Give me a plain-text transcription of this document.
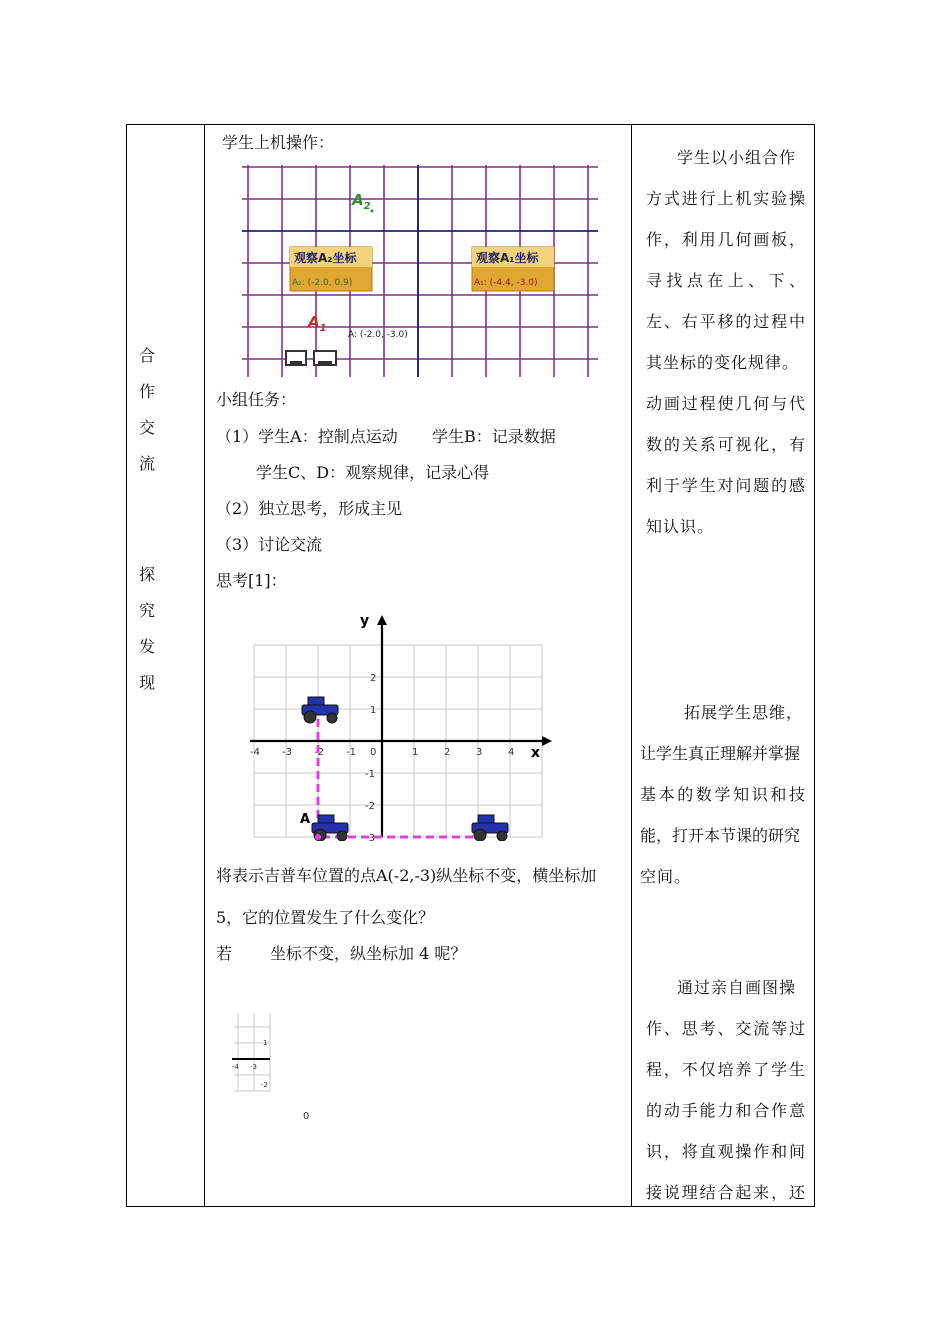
合
作
交
流
探
究
发
现
学生上机操作：
$A_2$
$A_1$
观察A₂坐标
A₂: (-2.0, 0.9)
观察A₁坐标
A₁: (-4.4, -3.0)
A: (-2.0, -3.0)
小组任务：
（1）学生A：控制点运动 学生B：记录数据
学生C、D：观察规律，记录心得
（2）独立思考，形成主见
（3）讨论交流
思考[1]：
x
y
-4 -3 -2 -1 0	1	2	3	4
2
1
-1
-2
-3
A
将表示吉普车位置的点A(-2,-3)纵坐标不变，横坐标加
5，它的位置发生了什么变化？
若 坐标不变，纵坐标加 4 呢？
-4 -3
1
-2
0
学生以小组合作
方式进行上机实验操
作，利用几何画板，
寻找点在上、下、
左、右平移的过程中
其坐标的变化规律。
动画过程使几何与代
数的关系可视化，有
利于学生对问题的感
知认识。
拓展学生思维，
让学生真正理解并掌握
基本的数学知识和技
能，打开本节课的研究
空间。
通过亲自画图操
作、思考、交流等过
程，不仅培养了学生
的动手能力和合作意
识，将直观操作和间
接说理结合起来，还
